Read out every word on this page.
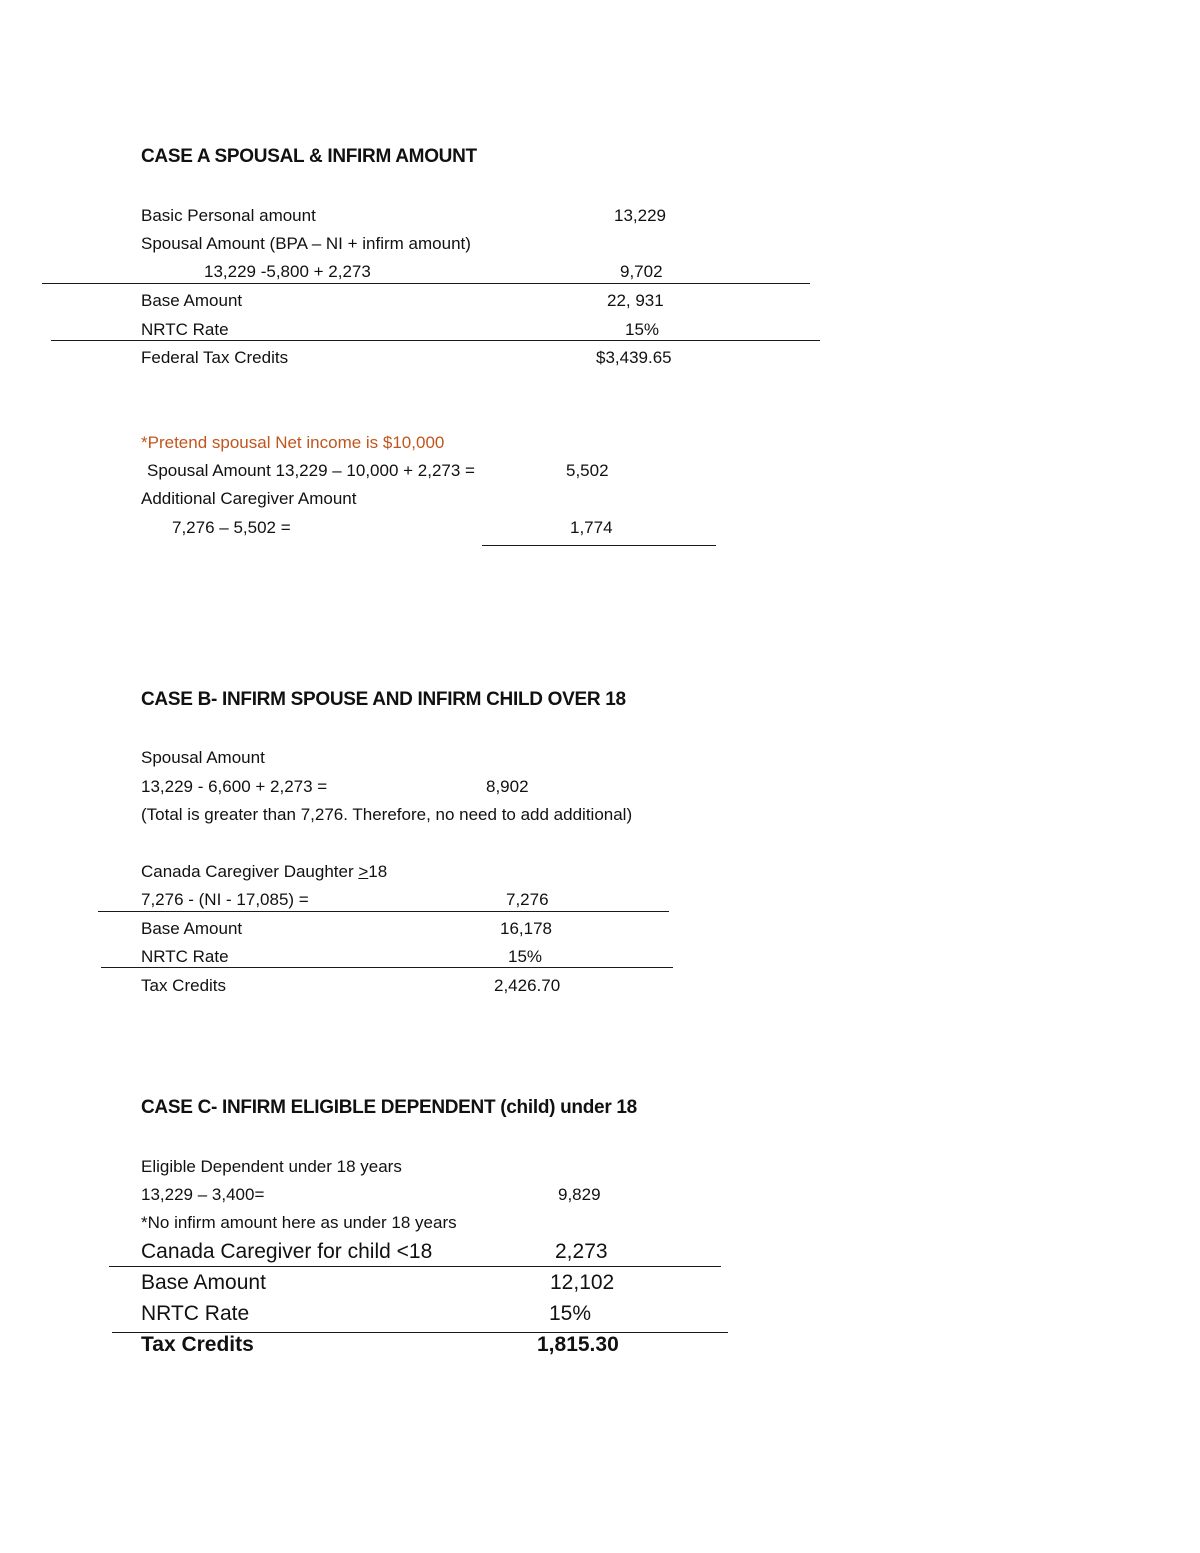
CASE A SPOUSAL & INFIRM AMOUNT
Basic Personal amount	13,229
Spousal Amount (BPA – NI + infirm amount)
13,229 -5,800 + 2,273	9,702
Base Amount	22, 931
NRTC Rate	15%
Federal Tax Credits	$3,439.65
*Pretend spousal Net income is $10,000
Spousal Amount 13,229 – 10,000 + 2,273 =	5,502
Additional Caregiver Amount
7,276 – 5,502 =	1,774
CASE B- INFIRM SPOUSE AND INFIRM CHILD OVER 18
Spousal Amount
13,229 - 6,600 + 2,273 =	8,902
(Total is greater than 7,276. Therefore, no need to add additional)
Canada Caregiver Daughter >18
7,276 - (NI - 17,085) =	7,276
Base Amount	16,178
NRTC Rate	15%
Tax Credits	2,426.70
CASE C- INFIRM ELIGIBLE DEPENDENT (child) under 18
Eligible Dependent under 18 years
13,229 – 3,400=	9,829
*No infirm amount here as under 18 years
Canada Caregiver for child <18	2,273
Base Amount	12,102
NRTC Rate	15%
Tax Credits	1,815.30
